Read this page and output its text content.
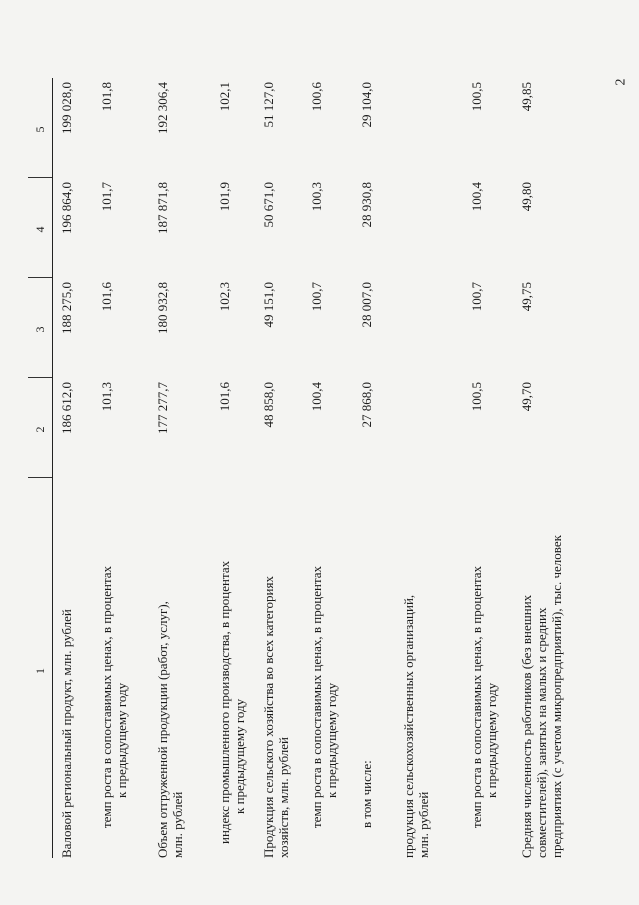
2
1
2
3
4
5
Валовой региональный продукт, млн. рублей
186 612,0
188 275,0
196 864,0
199 028,0
темп роста в сопоставимых ценах, в процентах к предыдущему году
101,3
101,6
101,7
101,8
Объем отгруженной продукции (работ, услуг), млн. рублей
177 277,7
180 932,8
187 871,8
192 306,4
индекс промышленного производства, в процентах к предыдущему году
101,6
102,3
101,9
102,1
Продукция сельского хозяйства во всех категориях хозяйств, млн. рублей
48 858,0
49 151,0
50 671,0
51 127,0
темп роста в сопоставимых ценах, в процентах к предыдущему году
100,4
100,7
100,3
100,6
в том числе:
27 868,0
28 007,0
28 930,8
29 104,0
продукция сельскохозяйственных организаций, млн. рублей	темп роста в сопоставимых ценах, в процентах к предыдущему году
100,5
100,7
100,4
100,5
Средняя численность работников (без внешних совместителей), занятых на малых и средних предприятиях (с учетом микропредприятий), тыс. человек
49,70
49,75
49,80
49,85
